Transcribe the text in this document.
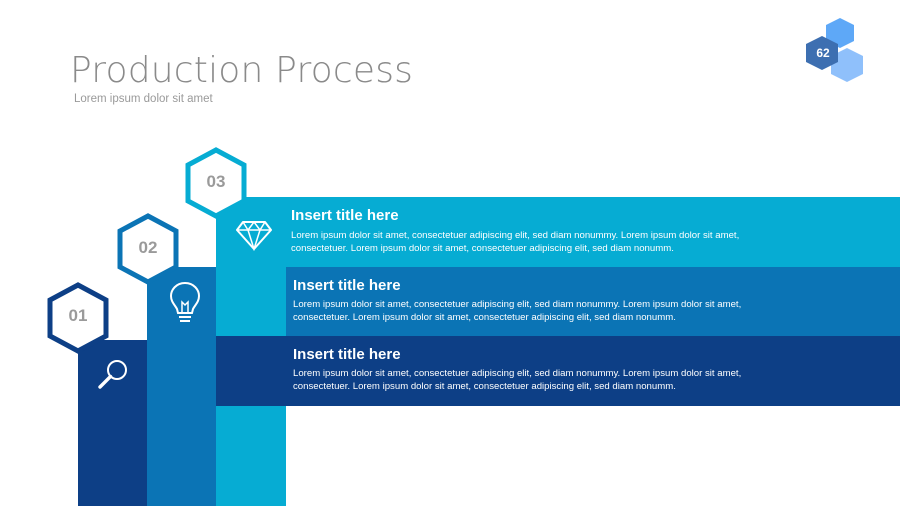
Production Process
Lorem ipsum dolor sit amet
62
01
02
03
Insert title here
Lorem ipsum dolor sit amet, consectetuer adipiscing elit, sed diam nonummy. Lorem ipsum dolor sit amet, consectetuer. Lorem ipsum dolor sit amet, consectetuer adipiscing elit, sed diam nonumm.
Insert title here
Lorem ipsum dolor sit amet, consectetuer adipiscing elit, sed diam nonummy. Lorem ipsum dolor sit amet, consectetuer. Lorem ipsum dolor sit amet, consectetuer adipiscing elit, sed diam nonumm.
Insert title here
Lorem ipsum dolor sit amet, consectetuer adipiscing elit, sed diam nonummy. Lorem ipsum dolor sit amet, consectetuer. Lorem ipsum dolor sit amet, consectetuer adipiscing elit, sed diam nonumm.
